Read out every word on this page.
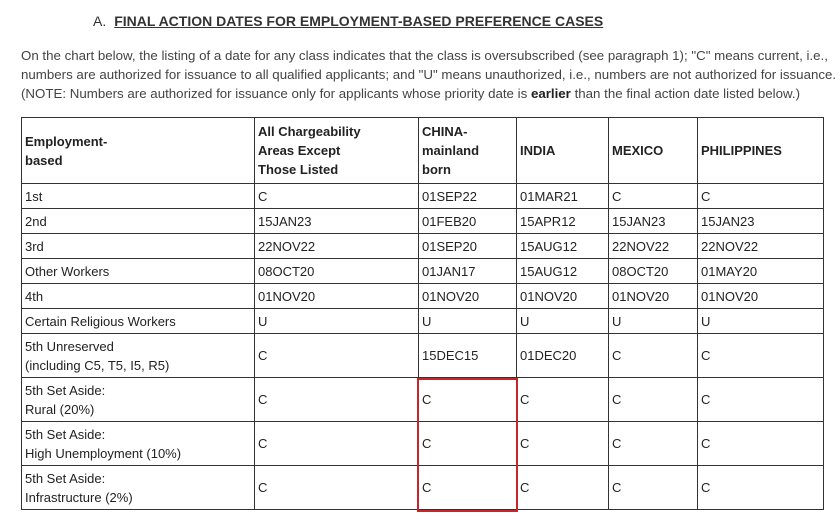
A. FINAL ACTION DATES FOR EMPLOYMENT-BASED PREFERENCE CASES

On the chart below, the listing of a date for any class indicates that the class is oversubscribed (see paragraph 1); "C" means current, i.e.,

numbers are authorized for issuance to all qualified applicants; and "U" means unauthorized, i.e., numbers are not authorized for issuance.

(NOTE: Numbers are authorized for issuance only for applicants whose priority date is earlier than the final action date listed below.)

Employment-
based	All Chargeability
Areas Except
Those Listed	CHINA-
mainland
born	INDIA	MEXICO	PHILIPPINES
1st	C	01SEP22	01MAR21	C	C
2nd	15JAN23	01FEB20	15APR12	15JAN23	15JAN23
3rd	22NOV22	01SEP20	15AUG12	22NOV22	22NOV22
Other Workers	08OCT20	01JAN17	15AUG12	08OCT20	01MAY20
4th	01NOV20	01NOV20	01NOV20	01NOV20	01NOV20
Certain Religious Workers	U	U	U	U	U
5th Unreserved
(including C5, T5, I5, R5)	C	15DEC15	01DEC20	C	C
5th Set Aside:
Rural (20%)	C	C	C	C	C
5th Set Aside:
High Unemployment (10%)	C	C	C	C	C
5th Set Aside:
Infrastructure (2%)	C	C	C	C	C
